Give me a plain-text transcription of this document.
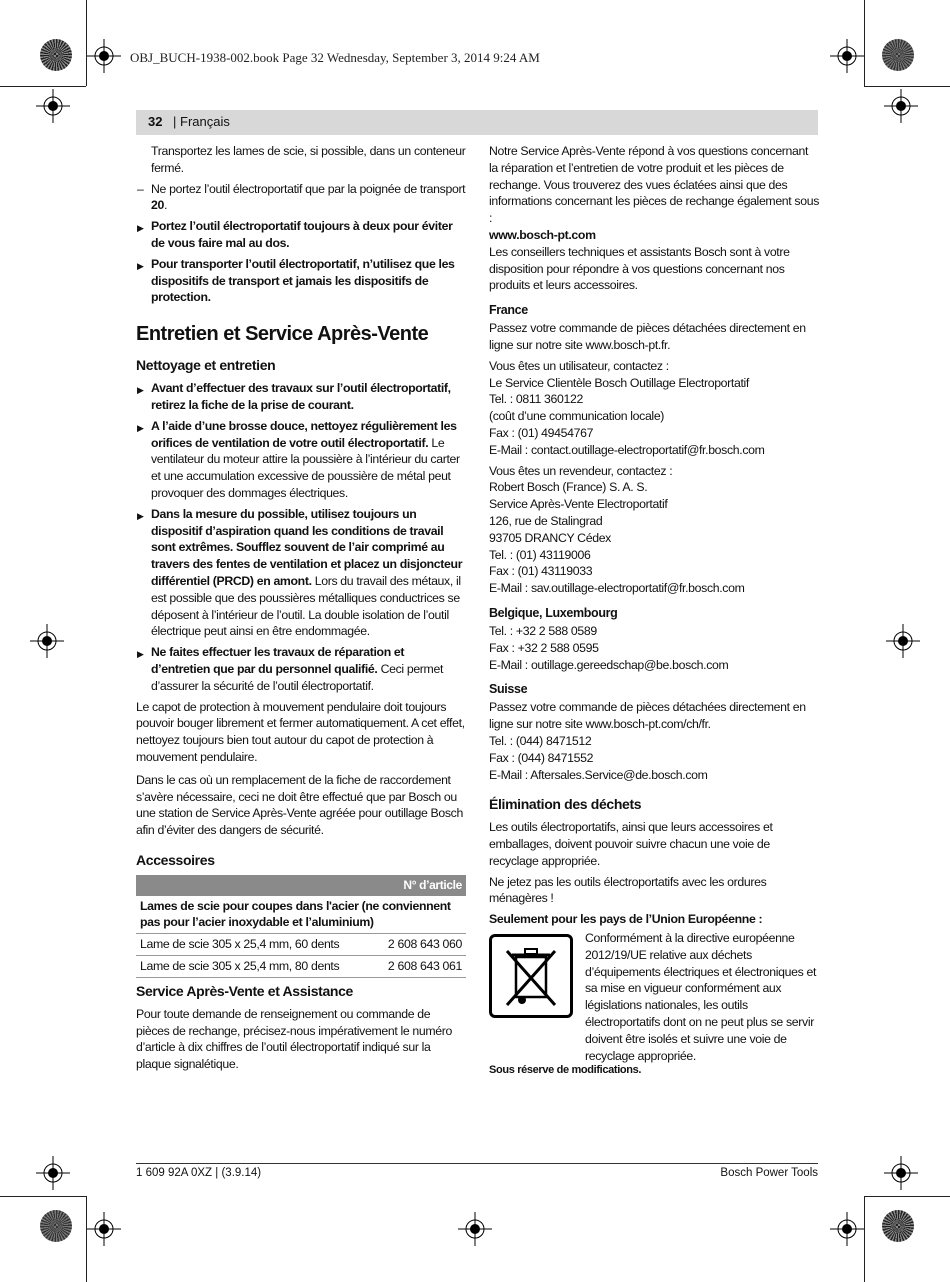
OBJ_BUCH-1938-002.book Page 32 Wednesday, September 3, 2014 9:24 AM
32 | Français

Transportez les lames de scie, si possible, dans un conteneur fermé.

– Ne portez l’outil électroportatif que par la poignée de transport 20.

▶ Portez l’outil électroportatif toujours à deux pour éviter de vous faire mal au dos.

▶ Pour transporter l’outil électroportatif, n’utilisez que les dispositifs de transport et jamais les dispositifs de protection.

Entretien et Service Après-Vente
Nettoyage et entretien

▶ Avant d’effectuer des travaux sur l’outil électroportatif, retirez la fiche de la prise de courant.

▶ A l’aide d’une brosse douce, nettoyez régulièrement les orifices de ventilation de votre outil électroportatif. Le ventilateur du moteur attire la poussière à l’intérieur du carter et une accumulation excessive de poussière de métal peut provoquer des dommages électriques.

▶ Dans la mesure du possible, utilisez toujours un dispositif d’aspiration quand les conditions de travail sont extrêmes. Soufflez souvent de l’air comprimé au travers des fentes de ventilation et placez un disjoncteur différentiel (PRCD) en amont. Lors du travail des métaux, il est possible que des poussières métalliques conductrices se déposent à l’intérieur de l’outil. La double isolation de l’outil électrique peut ainsi en être endommagée.

▶ Ne faites effectuer les travaux de réparation et d’entretien que par du personnel qualifié. Ceci permet d’assurer la sécurité de l’outil électroportatif.

Le capot de protection à mouvement pendulaire doit toujours pouvoir bouger librement et fermer automatiquement. A cet effet, nettoyez toujours bien tout autour du capot de protection à mouvement pendulaire.

Dans le cas où un remplacement de la fiche de raccordement s’avère nécessaire, ceci ne doit être effectué que par Bosch ou une station de Service Après-Vente agréée pour outillage Bosch afin d’éviter des dangers de sécurité.

Accessoires
N° d’article	
Lames de scie pour coupes dans l'acier (ne conviennent pas pour l’acier inoxydable et l’aluminium)	
Lame de scie 305 x 25,4 mm, 60 dents	2 608 643 060
Lame de scie 305 x 25,4 mm, 80 dents	2 608 643 061
Service Après-Vente et Assistance

Pour toute demande de renseignement ou commande de pièces de rechange, précisez-nous impérativement le numéro d’article à dix chiffres de l’outil électroportatif indiqué sur la plaque signalétique.

Notre Service Après-Vente répond à vos questions concernant la réparation et l’entretien de votre produit et les pièces de rechange. Vous trouverez des vues éclatées ainsi que des informations concernant les pièces de rechange également sous :

www.bosch-pt.com

Les conseillers techniques et assistants Bosch sont à votre disposition pour répondre à vos questions concernant nos produits et leurs accessoires.

France

Passez votre commande de pièces détachées directement en ligne sur notre site www.bosch-pt.fr.

Vous êtes un utilisateur, contactez :
Le Service Clientèle Bosch Outillage Electroportatif
Tel. : 0811 360122
(coût d’une communication locale)
Fax : (01) 49454767
E-Mail : contact.outillage-electroportatif@fr.bosch.com
Vous êtes un revendeur, contactez :
Robert Bosch (France) S. A. S.
Service Après-Vente Electroportatif
126, rue de Stalingrad
93705 DRANCY Cédex
Tel. : (01) 43119006
Fax : (01) 43119033
E-Mail : sav.outillage-electroportatif@fr.bosch.com
Belgique, Luxembourg
Tel. : +32 2 588 0589
Fax : +32 2 588 0595
E-Mail : outillage.gereedschap@be.bosch.com
Suisse

Passez votre commande de pièces détachées directement en ligne sur notre site www.bosch-pt.com/ch/fr.

Tel. : (044) 8471512
Fax : (044) 8471552
E-Mail : Aftersales.Service@de.bosch.com
Élimination des déchets

Les outils électroportatifs, ainsi que leurs accessoires et emballages, doivent pouvoir suivre chacun une voie de recyclage appropriée.

Ne jetez pas les outils électroportatifs avec les ordures ménagères !

Seulement pour les pays de l’Union Européenne :

Conformément à la directive européenne 2012/19/UE relative aux déchets d’équipements électriques et électroniques et sa mise en vigueur conformément aux législations nationales, les outils électroportatifs dont on ne peut plus se servir doivent être isolés et suivre une voie de recyclage appropriée.

Sous réserve de modifications.

1 609 92A 0XZ | (3.9.14)	Bosch Power Tools
